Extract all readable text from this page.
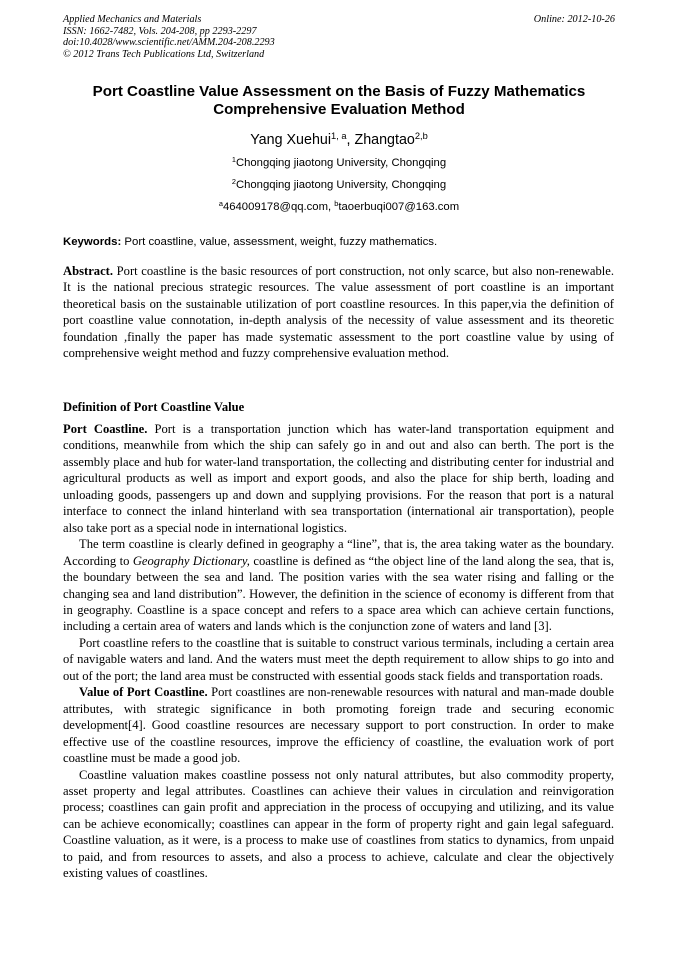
Applied Mechanics and Materials
ISSN: 1662-7482, Vols. 204-208, pp 2293-2297
doi:10.4028/www.scientific.net/AMM.204-208.2293
© 2012 Trans Tech Publications Ltd, Switzerland
Online: 2012-10-26
Port Coastline Value Assessment on the Basis of Fuzzy Mathematics
Comprehensive Evaluation Method
Yang Xuehui$^{1, a}$, Zhangtao$^{2,b}$
$^1$Chongqing jiaotong University, Chongqing
$^2$Chongqing jiaotong University, Chongqing
$^a$464009178@qq.com, $^b$taoerbuqi007@163.com
Keywords: Port coastline, value, assessment, weight, fuzzy mathematics.

Abstract. Port coastline is the basic resources of port construction, not only scarce, but also non-renewable. It is the national precious strategic resources. The value assessment of port coastline is an important theoretical basis on the sustainable utilization of port coastline resources. In this paper,via the definition of port coastline value connotation, in-depth analysis of the necessity of value assessment and its theoretic foundation ,finally the paper has made systematic assessment to the port coastline value by using of comprehensive weight method and fuzzy comprehensive evaluation method.

Definition of Port Coastline Value

Port Coastline. Port is a transportation junction which has water-land transportation equipment and conditions, meanwhile from which the ship can safely go in and out and also can berth. The port is the assembly place and hub for water-land transportation, the collecting and distributing center for industrial and agricultural products as well as import and export goods, and also the place for ship berth, loading and unloading goods, passengers up and down and supplying provisions. For the reason that port is a natural interface to connect the inland hinterland with sea transportation (international air transportation), people also take port as a special node in international logistics.

The term coastline is clearly defined in geography a “line”, that is, the area taking water as the boundary. According to Geography Dictionary, coastline is defined as “the object line of the land along the sea, that is, the boundary between the sea and land. The position varies with the sea water rising and falling or the changing sea and land distribution”. However, the definition in the science of economy is different from that in geography. Coastline is a space concept and refers to a space area which can achieve certain functions, including a certain area of waters and lands which is the conjunction zone of waters and land [3].

Port coastline refers to the coastline that is suitable to construct various terminals, including a certain area of navigable waters and land. And the waters must meet the depth requirement to allow ships to go into and out of the port; the land area must be constructed with essential goods stack fields and transportation roads.

Value of Port Coastline. Port coastlines are non-renewable resources with natural and man-made double attributes, with strategic significance in both promoting foreign trade and securing economic development[4]. Good coastline resources are necessary support to port construction. In order to make effective use of the coastline resources, improve the efficiency of coastline, the evaluation work of port coastline must be made a good job.

Coastline valuation makes coastline possess not only natural attributes, but also commodity property, asset property and legal attributes. Coastlines can achieve their values in circulation and reinvigoration process; coastlines can gain profit and appreciation in the process of occupying and utilizing, and its value can be achieve economically; coastlines can appear in the form of property right and gain legal safeguard. Coastline valuation, as it were, is a process to make use of coastlines from statics to dynamics, from unpaid to paid, and from resources to assets, and also a process to achieve, calculate and clear the objectively existing values of coastlines.
